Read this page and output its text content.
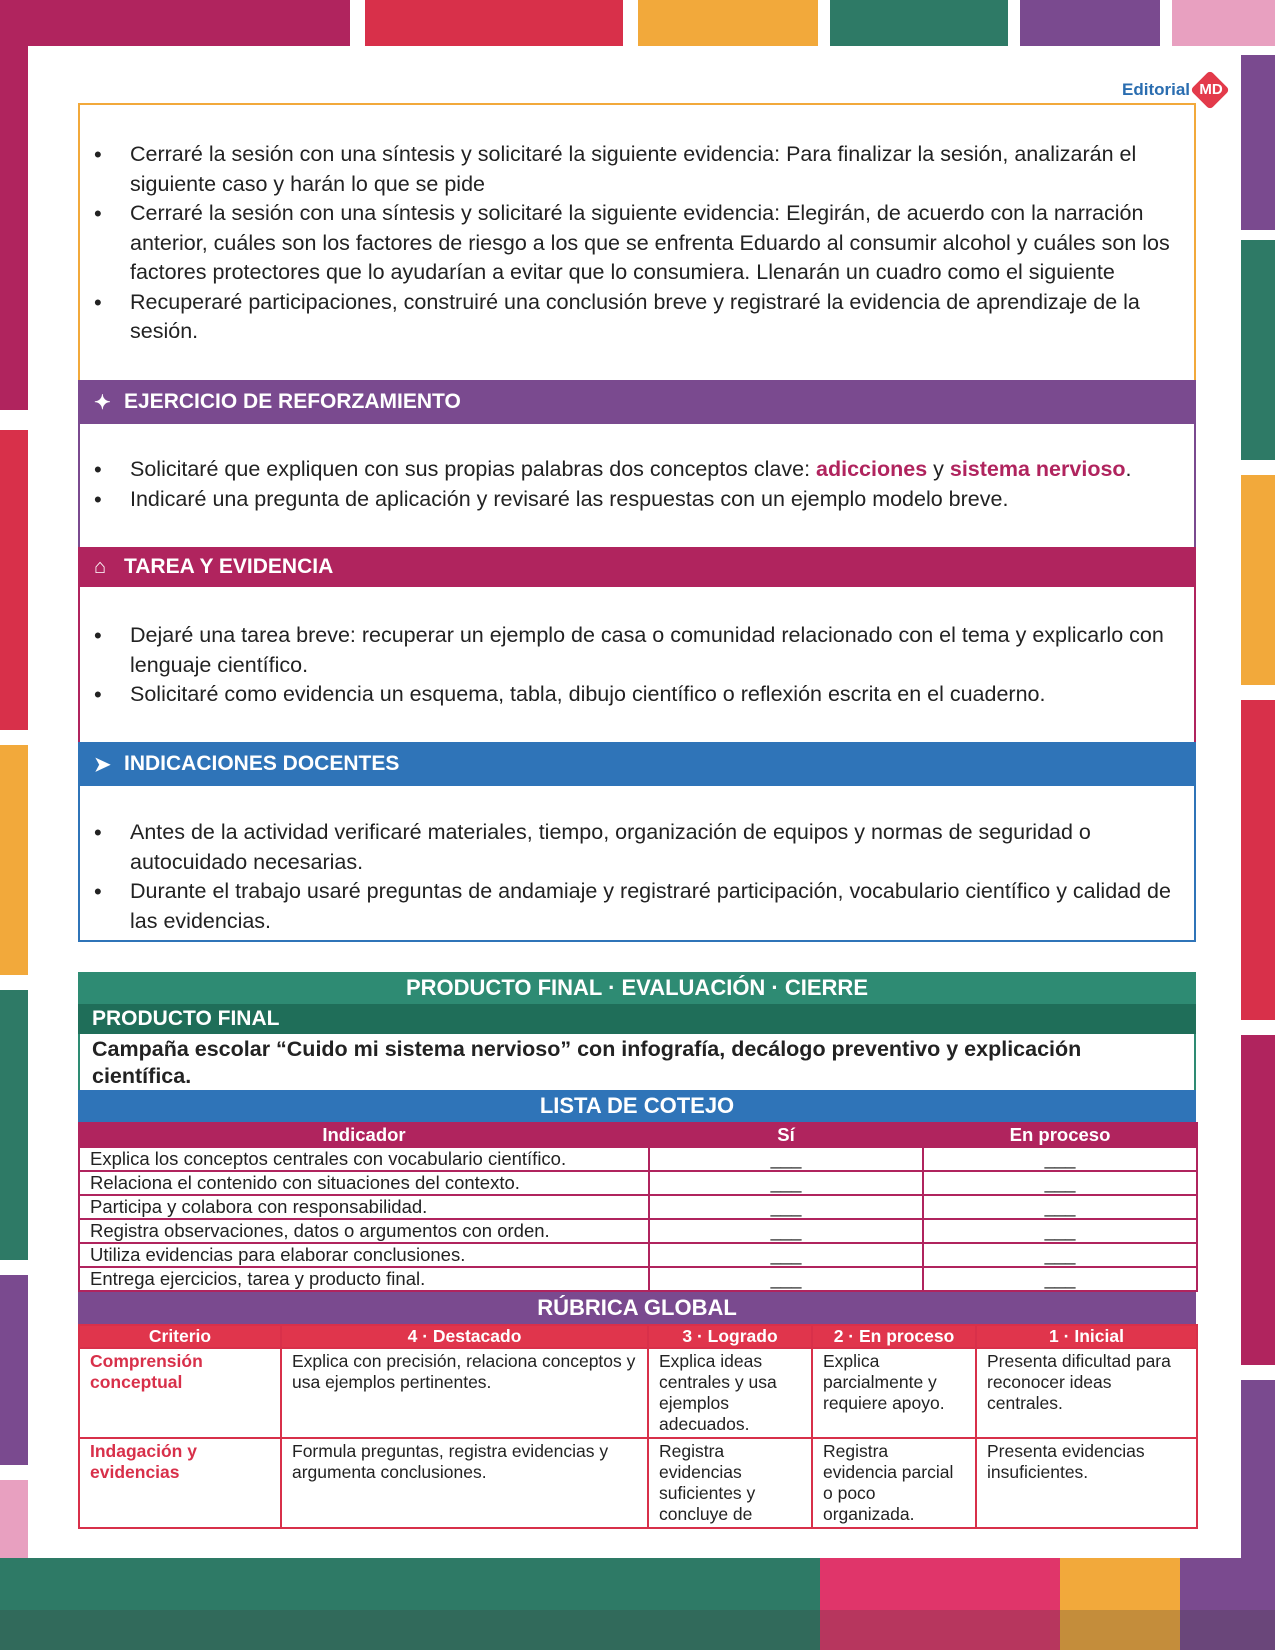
Editorial MD
• Cerraré la sesión con una síntesis y solicitaré la siguiente evidencia: Para finalizar la sesión, analizarán el siguiente caso y harán lo que se pide
• Cerraré la sesión con una síntesis y solicitaré la siguiente evidencia: Elegirán, de acuerdo con la narración anterior, cuáles son los factores de riesgo a los que se enfrenta Eduardo al consumir alcohol y cuáles son los factores protectores que lo ayudarían a evitar que lo consumiera. Llenarán un cuadro como el siguiente
• Recuperaré participaciones, construiré una conclusión breve y registraré la evidencia de aprendizaje de la sesión.
✦ EJERCICIO DE REFORZAMIENTO
• Solicitaré que expliquen con sus propias palabras dos conceptos clave: adicciones y sistema nervioso.
• Indicaré una pregunta de aplicación y revisaré las respuestas con un ejemplo modelo breve.
⌂ TAREA Y EVIDENCIA
• Dejaré una tarea breve: recuperar un ejemplo de casa o comunidad relacionado con el tema y explicarlo con lenguaje científico.
• Solicitaré como evidencia un esquema, tabla, dibujo científico o reflexión escrita en el cuaderno.
➤ INDICACIONES DOCENTES
• Antes de la actividad verificaré materiales, tiempo, organización de equipos y normas de seguridad o autocuidado necesarias.
• Durante el trabajo usaré preguntas de andamiaje y registraré participación, vocabulario científico y calidad de las evidencias.
PRODUCTO FINAL · EVALUACIÓN · CIERRE
PRODUCTO FINAL
Campaña escolar “Cuido mi sistema nervioso” con infografía, decálogo preventivo y explicación científica.
LISTA DE COTEJO
Indicador	Sí	En proceso
Explica los conceptos centrales con vocabulario científico.	___	___
Relaciona el contenido con situaciones del contexto.	___	___
Participa y colabora con responsabilidad.	___	___
Registra observaciones, datos o argumentos con orden.	___	___
Utiliza evidencias para elaborar conclusiones.	___	___
Entrega ejercicios, tarea y producto final.	___	___
RÚBRICA GLOBAL
Criterio	4 · Destacado	3 · Logrado	2 · En proceso	1 · Inicial
Comprensión conceptual	Explica con precisión, relaciona conceptos y usa ejemplos pertinentes.	Explica ideas centrales y usa ejemplos adecuados.	Explica parcialmente y requiere apoyo.	Presenta dificultad para reconocer ideas centrales.
Indagación y evidencias	Formula preguntas, registra evidencias y argumenta conclusiones.	Registra evidencias suficientes y concluye de	Registra evidencia parcial o poco organizada.	Presenta evidencias insuficientes.
